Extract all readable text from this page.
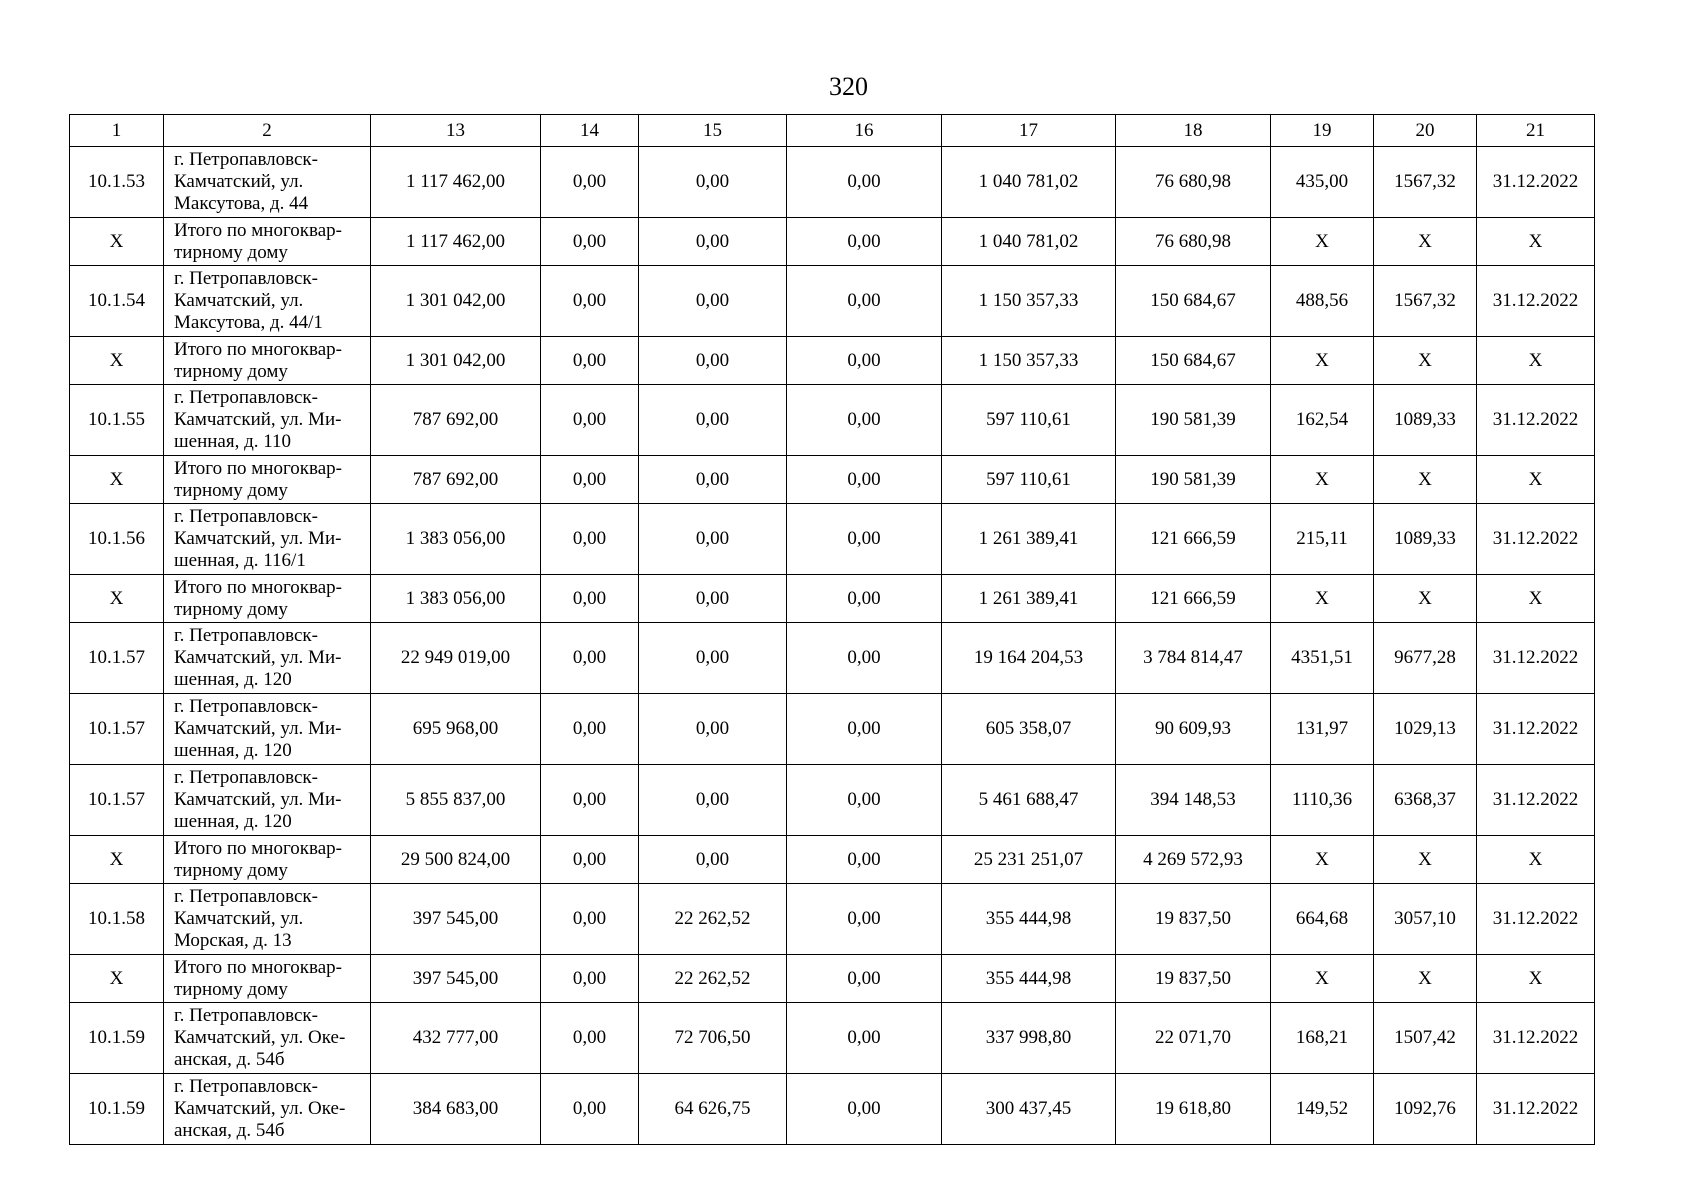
320
1	2	13	14	15	16	17	18	19	20	21
10.1.53	г. Петропавловск-Камчатский, ул. Максутова, д. 44	1 117 462,00	0,00	0,00	0,00	1 040 781,02	76 680,98	435,00	1567,32	31.12.2022
Х	Итого по многоквар-тирному дому	1 117 462,00	0,00	0,00	0,00	1 040 781,02	76 680,98	Х	Х	Х
10.1.54	г. Петропавловск-Камчатский, ул. Максутова, д. 44/1	1 301 042,00	0,00	0,00	0,00	1 150 357,33	150 684,67	488,56	1567,32	31.12.2022
Х	Итого по многоквар-тирному дому	1 301 042,00	0,00	0,00	0,00	1 150 357,33	150 684,67	Х	Х	Х
10.1.55	г. Петропавловск-Камчатский, ул. Ми-шенная, д. 110	787 692,00	0,00	0,00	0,00	597 110,61	190 581,39	162,54	1089,33	31.12.2022
Х	Итого по многоквар-тирному дому	787 692,00	0,00	0,00	0,00	597 110,61	190 581,39	Х	Х	Х
10.1.56	г. Петропавловск-Камчатский, ул. Ми-шенная, д. 116/1	1 383 056,00	0,00	0,00	0,00	1 261 389,41	121 666,59	215,11	1089,33	31.12.2022
Х	Итого по многоквар-тирному дому	1 383 056,00	0,00	0,00	0,00	1 261 389,41	121 666,59	Х	Х	Х
10.1.57	г. Петропавловск-Камчатский, ул. Ми-шенная, д. 120	22 949 019,00	0,00	0,00	0,00	19 164 204,53	3 784 814,47	4351,51	9677,28	31.12.2022
10.1.57	г. Петропавловск-Камчатский, ул. Ми-шенная, д. 120	695 968,00	0,00	0,00	0,00	605 358,07	90 609,93	131,97	1029,13	31.12.2022
10.1.57	г. Петропавловск-Камчатский, ул. Ми-шенная, д. 120	5 855 837,00	0,00	0,00	0,00	5 461 688,47	394 148,53	1110,36	6368,37	31.12.2022
Х	Итого по многоквар-тирному дому	29 500 824,00	0,00	0,00	0,00	25 231 251,07	4 269 572,93	Х	Х	Х
10.1.58	г. Петропавловск-Камчатский, ул. Морская, д. 13	397 545,00	0,00	22 262,52	0,00	355 444,98	19 837,50	664,68	3057,10	31.12.2022
Х	Итого по многоквар-тирному дому	397 545,00	0,00	22 262,52	0,00	355 444,98	19 837,50	Х	Х	Х
10.1.59	г. Петропавловск-Камчатский, ул. Оке-анская, д. 54б	432 777,00	0,00	72 706,50	0,00	337 998,80	22 071,70	168,21	1507,42	31.12.2022
10.1.59	г. Петропавловск-Камчатский, ул. Оке-анская, д. 54б	384 683,00	0,00	64 626,75	0,00	300 437,45	19 618,80	149,52	1092,76	31.12.2022
